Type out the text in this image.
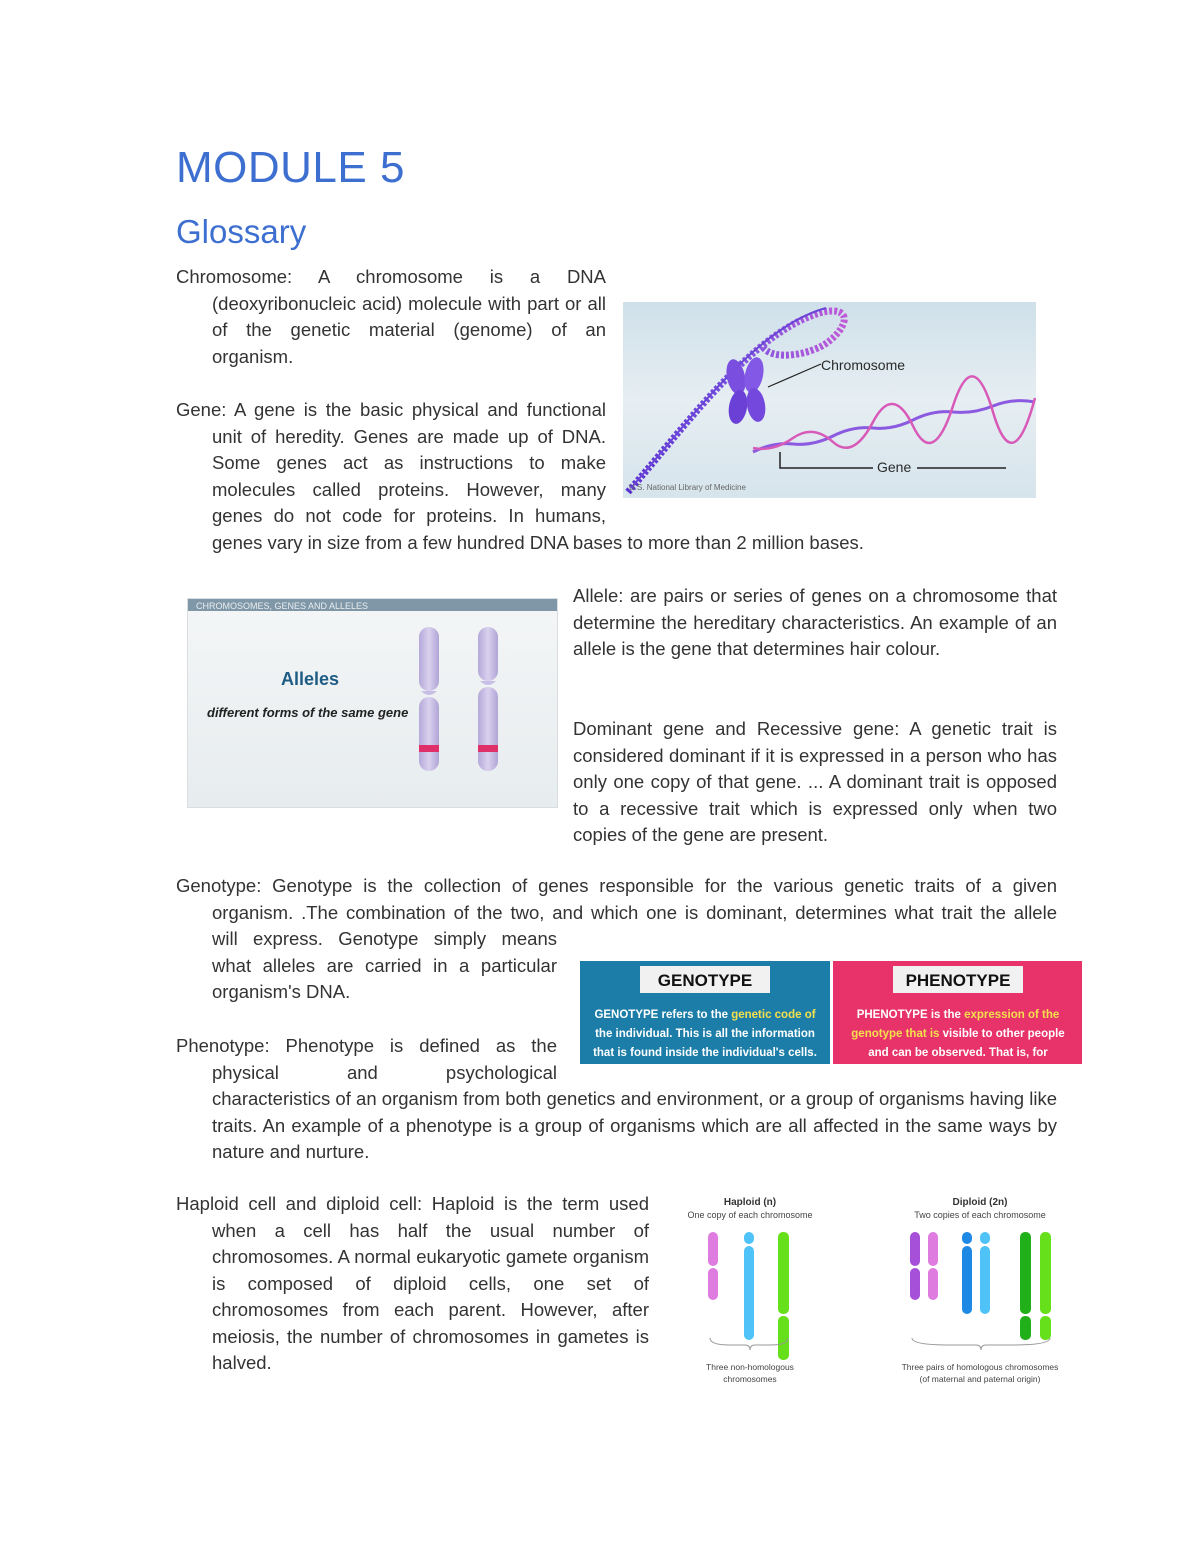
MODULE 5
Glossary
Chromosome: A chromosome is a DNA
(deoxyribonucleic acid) molecule with part or all of the genetic material (genome) of an organism.	Chromosome
Gene
U.S. National Library of Medicine
Gene: A gene is the basic physical and functional
unit of heredity. Genes are made up of DNA. Some genes act as instructions to make molecules called proteins. However, many genes do not code for proteins. In humans,
genes vary in size from a few hundred DNA bases to more than 2 million bases.
CHROMOSOMES, GENES AND ALLELES
Alleles
different forms of the same gene
Allele: are pairs or series of genes on a chromosome that determine the hereditary characteristics. An example of an allele is the gene that determines hair colour.
Dominant gene and Recessive gene: A genetic trait is considered dominant if it is expressed in a person who has only one copy of that gene. ... A dominant trait is opposed to a recessive trait which is expressed only when two copies of the gene are present.
Genotype: Genotype is the collection of genes responsible for the various genetic traits of a given
organism. .The combination of the two, and which one is dominant, determines what trait the allele
will express. Genotype simply means what alleles are carried in a particular organism's DNA.
GENOTYPE	PHENOTYPE
GENOTYPE refers to the genetic code of
the individual. This is all the information
that is found inside the individual's cells.
PHENOTYPE is the expression of the
genotype that is visible to other people
and can be observed. That is, for
Phenotype: Phenotype is defined as the
physical and psychological
characteristics of an organism from both genetics and environment, or a group of organisms having like traits. An example of a phenotype is a group of organisms which are all affected in the same ways by nature and nurture.
Haploid cell and diploid cell: Haploid is the term used
when a cell has half the usual number of chromosomes. A normal eukaryotic gamete organism is composed of diploid cells, one set of chromosomes from each parent. However, after meiosis, the number of chromosomes in gametes is halved.
Haploid (n)
One copy of each chromosome
Diploid (2n)
Two copies of each chromosome
Three non-homologous
chromosomes
Three pairs of homologous chromosomes
(of maternal and paternal origin)
